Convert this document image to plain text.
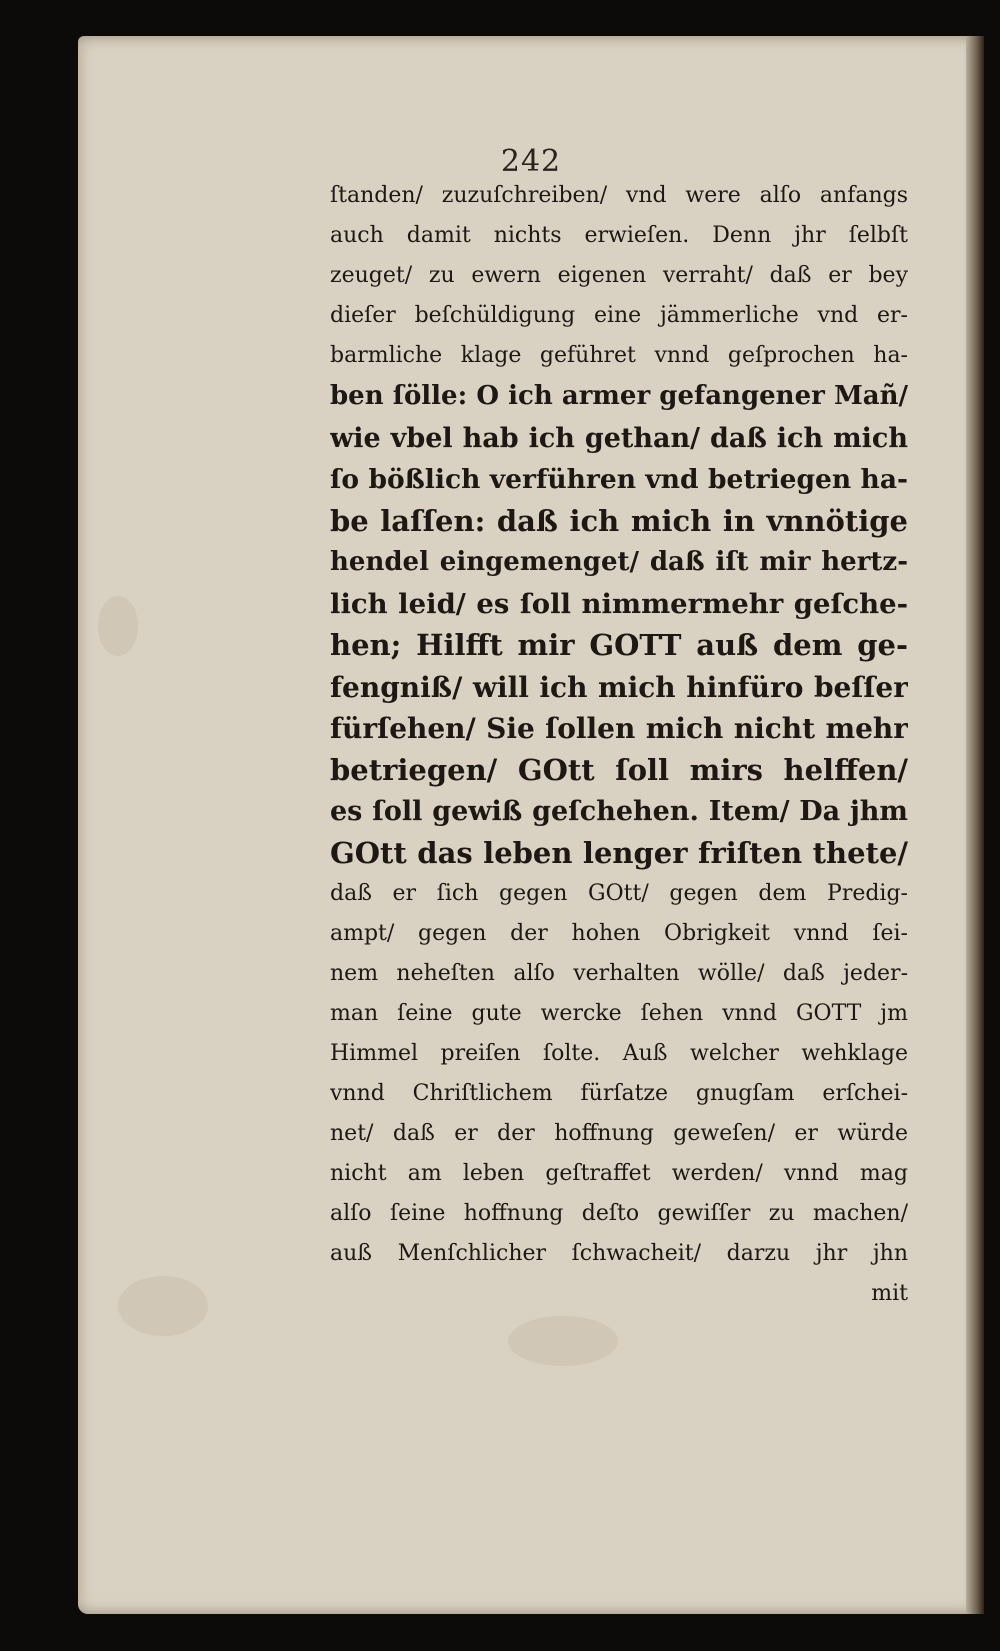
242
ſtanden/ zuzuſchreiben/ vnd were alſo anfangs
auch damit nichts erwieſen. Denn jhr ſelbſt
zeuget/ zu ewern eigenen verraht/ daß er bey
dieſer beſchüldigung eine jämmerliche vnd er-
barmliche klage geführet vnnd geſprochen ha-
ben ſölle: O ich armer gefangener Mañ/
wie vbel hab ich gethan/ daß ich mich
ſo bößlich verführen vnd betriegen ha-
be laſſen: daß ich mich in vnnötige
hendel eingemenget/ daß iſt mir hertz-
lich leid/ es ſoll nimmermehr geſche-
hen; Hilfft mir GOTT auß dem ge-
fengniß/ will ich mich hinfüro beſſer
fürſehen/ Sie ſollen mich nicht mehr
betriegen/ GOtt ſoll mirs helffen/
es ſoll gewiß geſchehen. Item/ Da jhm
GOtt das leben lenger friſten thete/
daß er ſich gegen GOtt/ gegen dem Predig-
ampt/ gegen der hohen Obrigkeit vnnd ſei-
nem neheſten alſo verhalten wölle/ daß jeder-
man ſeine gute wercke ſehen vnnd GOTT jm
Himmel preiſen ſolte. Auß welcher wehklage
vnnd Chriſtlichem fürſatze gnugſam erſchei-
net/ daß er der hoffnung geweſen/ er würde
nicht am leben geſtraffet werden/ vnnd mag
alſo ſeine hoffnung deſto gewiſſer zu machen/
auß Menſchlicher ſchwacheit/ darzu jhr jhn
mit
